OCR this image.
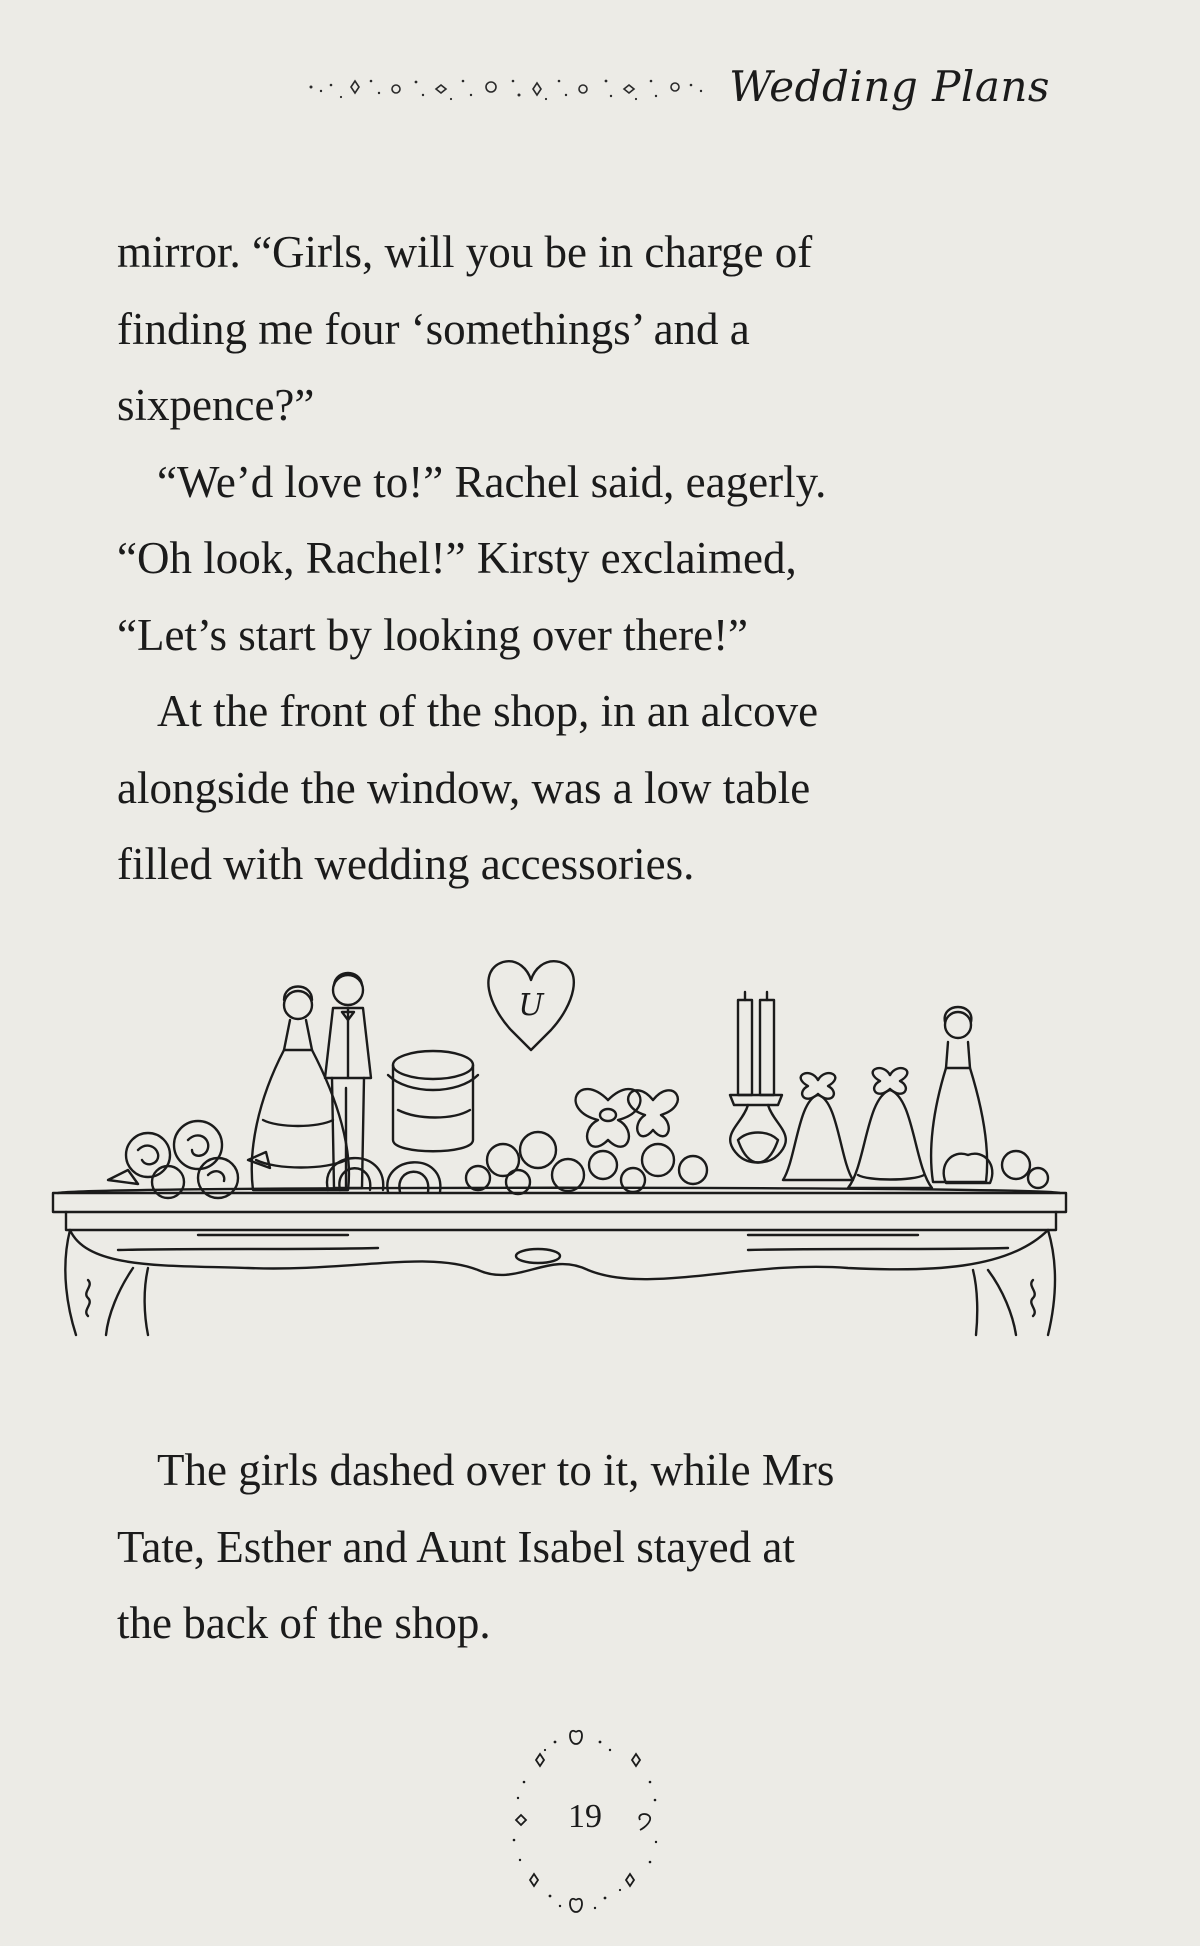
Wedding Plans

mirror. “Girls, will you be in charge of

finding me four ‘somethings’ and a

sixpence?”

“We’d love to!” Rachel said, eagerly.

“Oh look, Rachel!” Kirsty exclaimed,

“Let’s start by looking over there!”

At the front of the shop, in an alcove

alongside the window, was a low table

filled with wedding accessories.

U

The girls dashed over to it, while Mrs

Tate, Esther and Aunt Isabel stayed at

the back of the shop.

19
